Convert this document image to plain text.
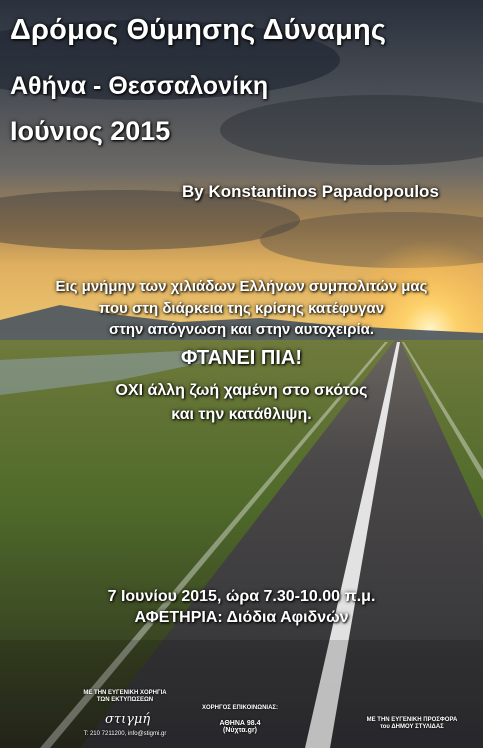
Δρόμος Θύμησης Δύναμης
Αθήνα - Θεσσαλονίκη
Ιούνιος 2015
By Konstantinos Papadopoulos
Εις μνήμην των χιλιάδων Ελλήνων συμπολιτών μας
που στη διάρκεια της κρίσης κατέφυγαν
στην απόγνωση και στην αυτοχειρία.
ΦΤΑΝΕΙ ΠΙΑ!
ΟΧΙ άλλη ζωή χαμένη στο σκότος
και την κατάθλιψη.
7 Ιουνίου 2015, ώρα 7.30-10.00 π.μ.
ΑΦΕΤΗΡΙΑ: Διόδια Αφιδνών
ΜΕ ΤΗΝ ΕΥΓΕΝΙΚΗ ΧΟΡΗΓΙΑ
ΤΩΝ ΕΚΤΥΠΩΣΕΩΝ
στιγμή
T: 210 7211200, info@stigmi.gr
ΧΟΡΗΓΟΣ ΕΠΙΚΟΙΝΩΝΙΑΣ:
ΑΘΗΝΑ 98.4
(Νύχτα.gr)
ΜΕ ΤΗΝ ΕΥΓΕΝΙΚΗ ΠΡΟΣΦΟΡΑ
του ΔΗΜΟΥ ΣΤΥΛΙΔΑΣ
